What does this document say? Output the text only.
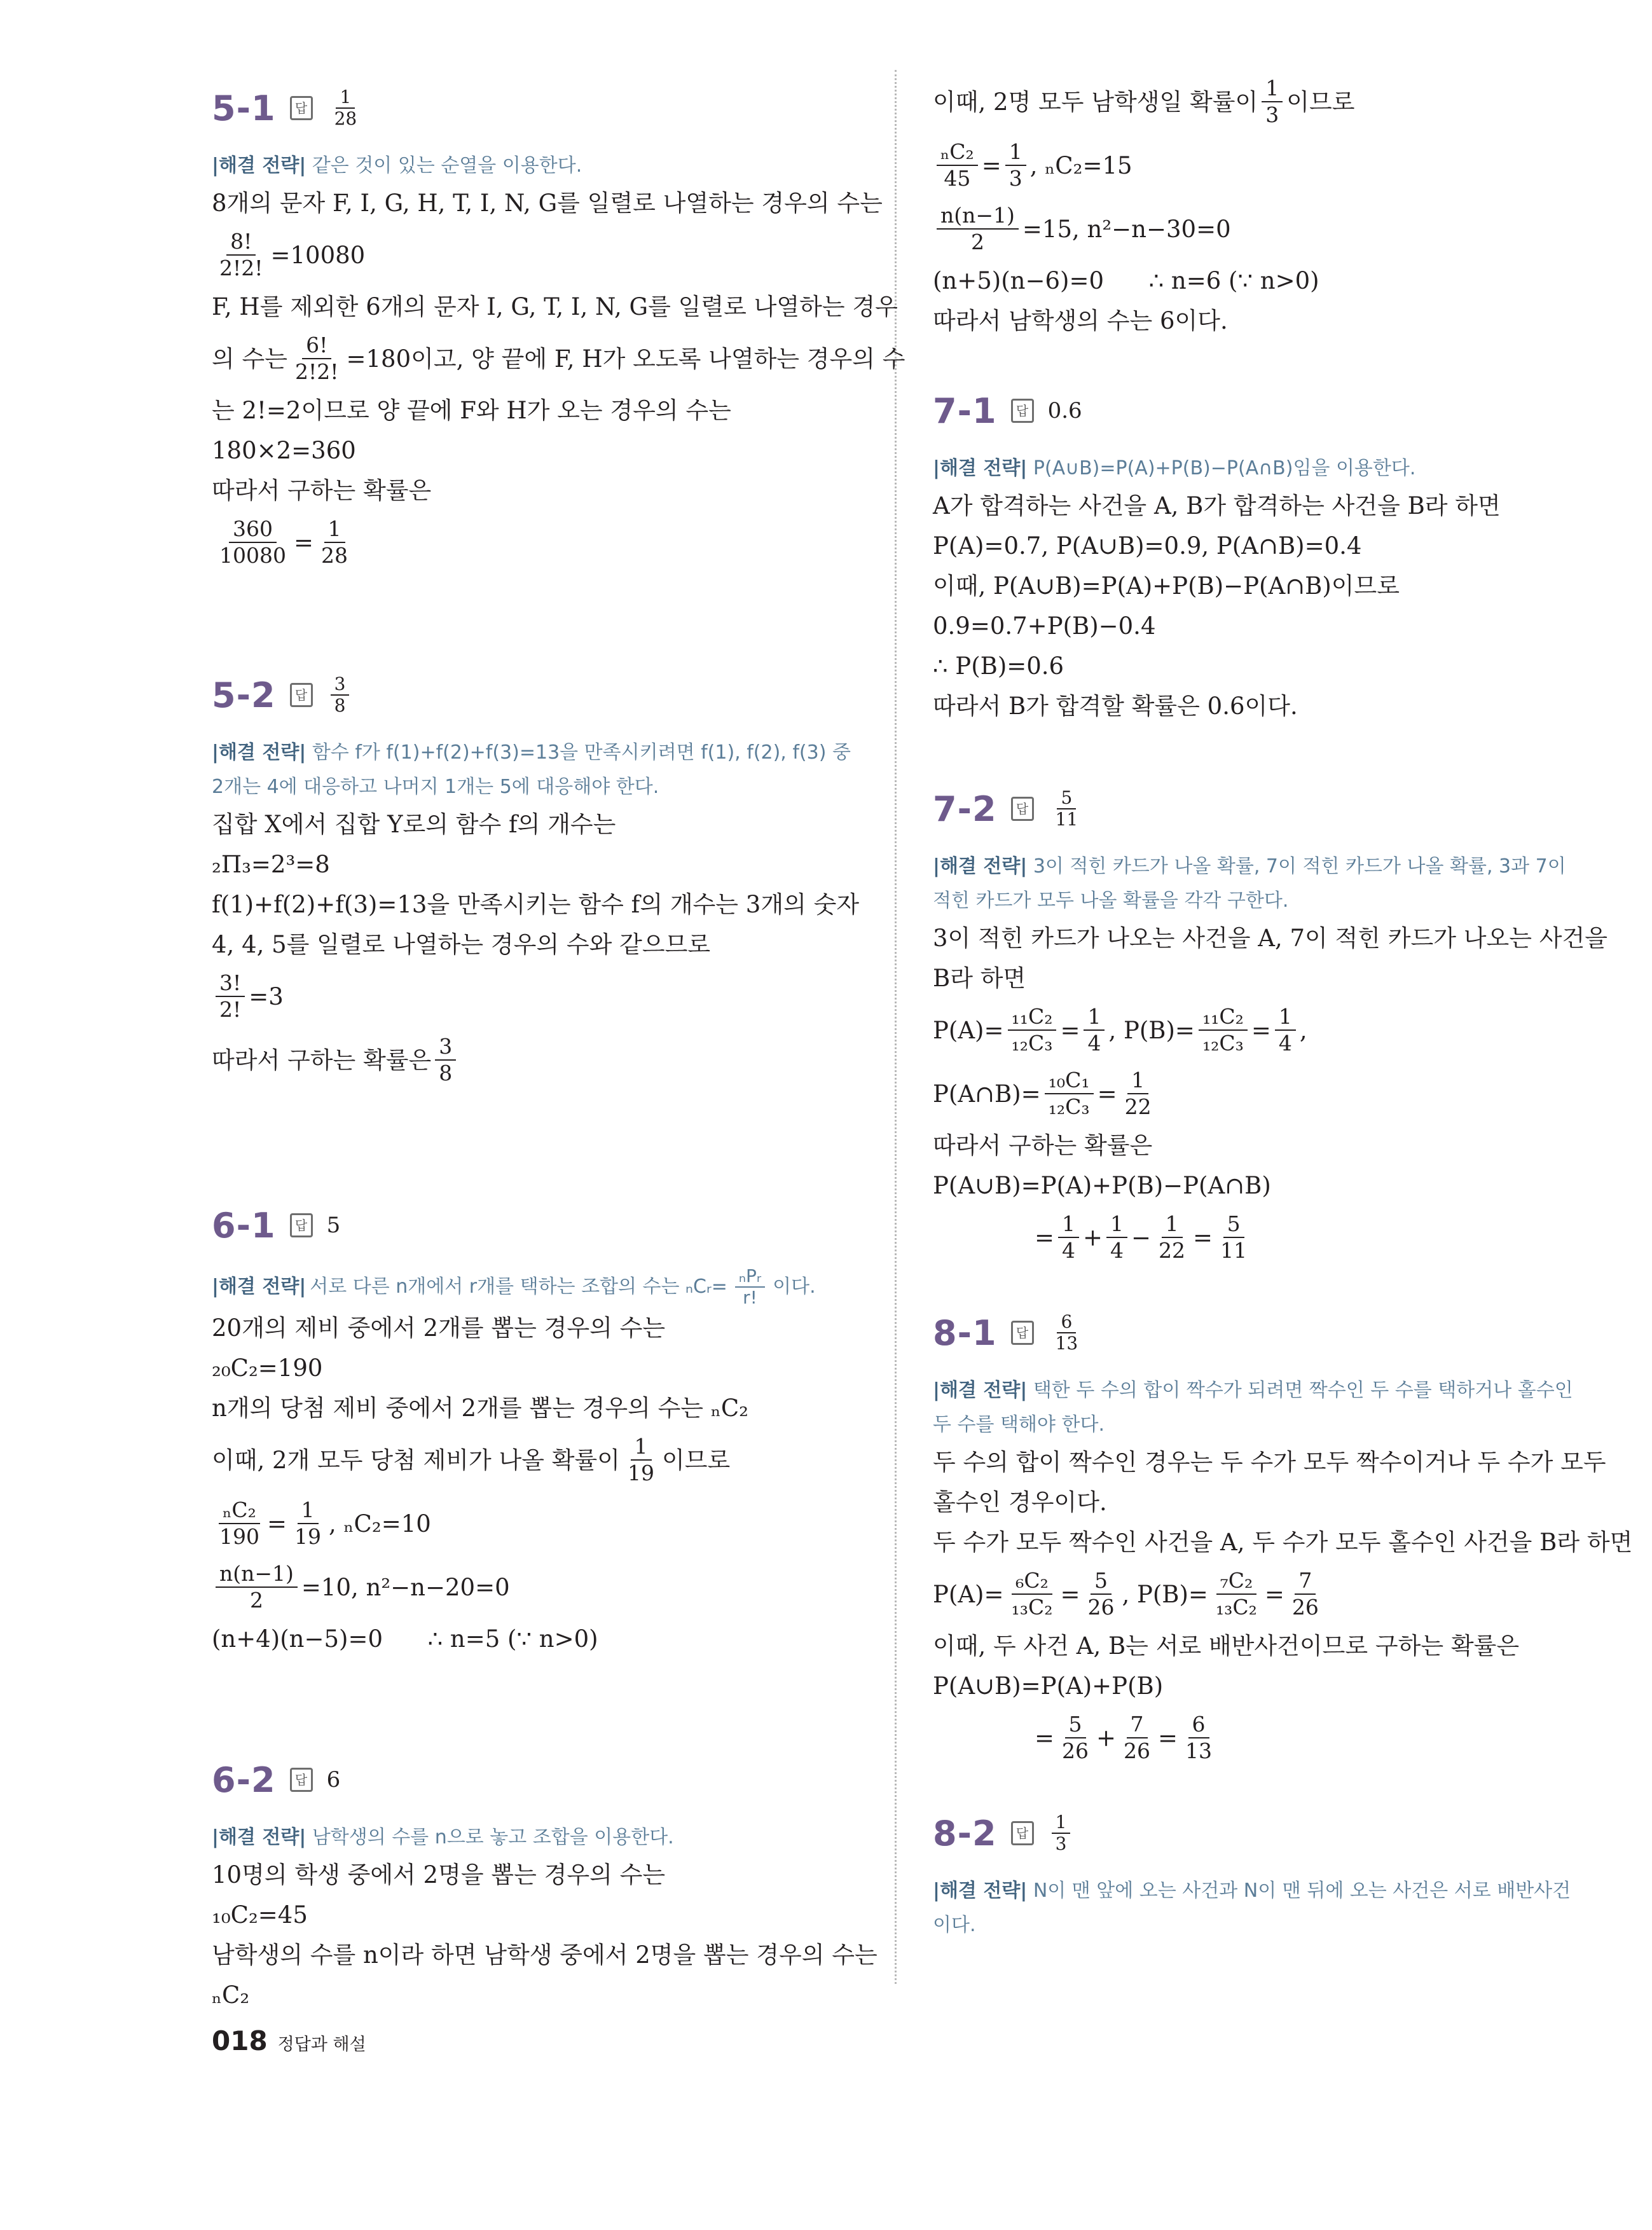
5-1	답 $\frac{1}{28}$
|해결 전략| 같은 것이 있는 순열을 이용한다.
8개의 문자 F, I, G, H, T, I, N, G를 일렬로 나열하는 경우의 수는
$\frac{8!}{2!2!} =10080$
F, H를 제외한 6개의 문자 I, G, T, I, N, G를 일렬로 나열하는 경우
의 수는 $\frac{6!}{2!2!} =180$이고, 양 끝에 F, H가 오도록 나열하는 경우의 수
는 2!=2이므로 양 끝에 F와 H가 오는 경우의 수는
180×2=360
따라서 구하는 확률은
$\frac{360}{10080} = \frac{1}{28}$
5-2	답 $\frac{3}{8}$
|해결 전략| 함수 f가 f(1)+f(2)+f(3)=13을 만족시키려면 f(1), f(2), f(3) 중 2개는 4에 대응하고 나머지 1개는 5에 대응해야 한다.
집합 X에서 집합 Y로의 함수 f의 개수는
₂Π₃=2³=8
f(1)+f(2)+f(3)=13을 만족시키는 함수 f의 개수는 3개의 숫자
4, 4, 5를 일렬로 나열하는 경우의 수와 같으므로
$\frac{3!}{2!} =3$
따라서 구하는 확률은 $\frac{3}{8}$
6-1	답 5
|해결 전략| 서로 다른 n개에서 r개를 택하는 조합의 수는 ₙCᵣ= $\frac{\text{ₙPᵣ}}{r!}$ 이다.
20개의 제비 중에서 2개를 뽑는 경우의 수는
₂₀C₂=190
n개의 당첨 제비 중에서 2개를 뽑는 경우의 수는 ₙC₂
이때, 2개 모두 당첨 제비가 나올 확률이 $\frac{1}{19}$ 이므로
$\frac{\text{ₙC₂}}{190} = \frac{1}{19}$ , ₙC₂=10
$\frac{n(n-1)}{2} =10$, n²−n−20=0
(n+4)(n−5)=0      ∴ n=5 (∵ n>0)
6-2	답 6
|해결 전략| 남학생의 수를 n으로 놓고 조합을 이용한다.
10명의 학생 중에서 2명을 뽑는 경우의 수는
₁₀C₂=45
남학생의 수를 n이라 하면 남학생 중에서 2명을 뽑는 경우의 수는
ₙC₂
이때, 2명 모두 남학생일 확률이 $\frac{1}{3}$ 이므로
$\frac{\text{ₙC₂}}{45} = \frac{1}{3}$ , ₙC₂=15
$\frac{n(n-1)}{2} =15$, n²−n−30=0
(n+5)(n−6)=0      ∴ n=6 (∵ n>0)
따라서 남학생의 수는 6이다.
7-1	답 0.6
|해결 전략| P(A∪B)=P(A)+P(B)−P(A∩B)임을 이용한다.
A가 합격하는 사건을 A, B가 합격하는 사건을 B라 하면
P(A)=0.7, P(A∪B)=0.9, P(A∩B)=0.4
이때, P(A∪B)=P(A)+P(B)−P(A∩B)이므로
0.9=0.7+P(B)−0.4
∴ P(B)=0.6
따라서 B가 합격할 확률은 0.6이다.
7-2	답 $\frac{5}{11}$
|해결 전략| 3이 적힌 카드가 나올 확률, 7이 적힌 카드가 나올 확률, 3과 7이 적힌 카드가 모두 나올 확률을 각각 구한다.
3이 적힌 카드가 나오는 사건을 A, 7이 적힌 카드가 나오는 사건을
B라 하면
$P(A)= \frac{\text{₁₁C₂}}{\text{₁₂C₃}} = \frac{1}{4}$ , $P(B)= \frac{\text{₁₁C₂}}{\text{₁₂C₃}} = \frac{1}{4}$ ,
P(A∩B)= $\frac{\text{₁₀C₁}}{\text{₁₂C₃}} = \frac{1}{22}$
따라서 구하는 확률은
P(A∪B)=P(A)+P(B)−P(A∩B)
= $\frac{1}{4} + \frac{1}{4} - \frac{1}{22} = \frac{5}{11}$
8-1	답 $\frac{6}{13}$
|해결 전략| 택한 두 수의 합이 짝수가 되려면 짝수인 두 수를 택하거나 홀수인 두 수를 택해야 한다.
두 수의 합이 짝수인 경우는 두 수가 모두 짝수이거나 두 수가 모두
홀수인 경우이다.
두 수가 모두 짝수인 사건을 A, 두 수가 모두 홀수인 사건을 B라 하면
$P(A)= \frac{\text{₆C₂}}{\text{₁₃C₂}} = \frac{5}{26}$ , $P(B)= \frac{\text{₇C₂}}{\text{₁₃C₂}} = \frac{7}{26}$
이때, 두 사건 A, B는 서로 배반사건이므로 구하는 확률은
P(A∪B)=P(A)+P(B)
= $\frac{5}{26} + \frac{7}{26} = \frac{6}{13}$
8-2	답 $\frac{1}{3}$
|해결 전략| N이 맨 앞에 오는 사건과 N이 맨 뒤에 오는 사건은 서로 배반사건이다.
018 정답과 해설
